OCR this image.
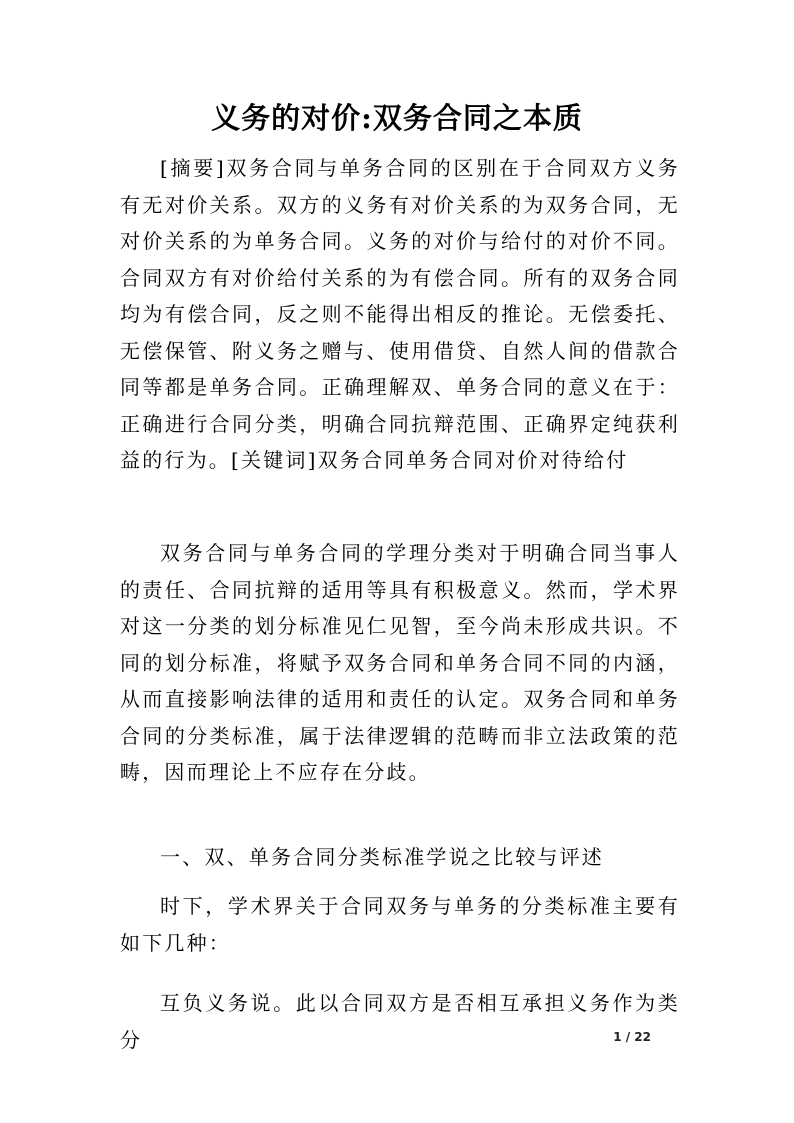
义务的对价:双务合同之本质

[摘要]双务合同与单务合同的区别在于合同双方义务有无对价关系。双方的义务有对价关系的为双务合同，无对价关系的为单务合同。义务的对价与给付的对价不同。合同双方有对价给付关系的为有偿合同。所有的双务合同均为有偿合同，反之则不能得出相反的推论。无偿委托、无偿保管、附义务之赠与、使用借贷、自然人间的借款合同等都是单务合同。正确理解双、单务合同的意义在于：正确进行合同分类，明确合同抗辩范围、正确界定纯获利益的行为。[关键词]双务合同单务合同对价对待给付

双务合同与单务合同的学理分类对于明确合同当事人的责任、合同抗辩的适用等具有积极意义。然而，学术界对这一分类的划分标准见仁见智，至今尚未形成共识。不同的划分标准，将赋予双务合同和单务合同不同的内涵，从而直接影响法律的适用和责任的认定。双务合同和单务合同的分类标准，属于法律逻辑的范畴而非立法政策的范畴，因而理论上不应存在分歧。

一、双、单务合同分类标准学说之比较与评述

时下，学术界关于合同双务与单务的分类标准主要有如下几种：

互负义务说。此以合同双方是否相互承担义务作为类分	1 / 22
